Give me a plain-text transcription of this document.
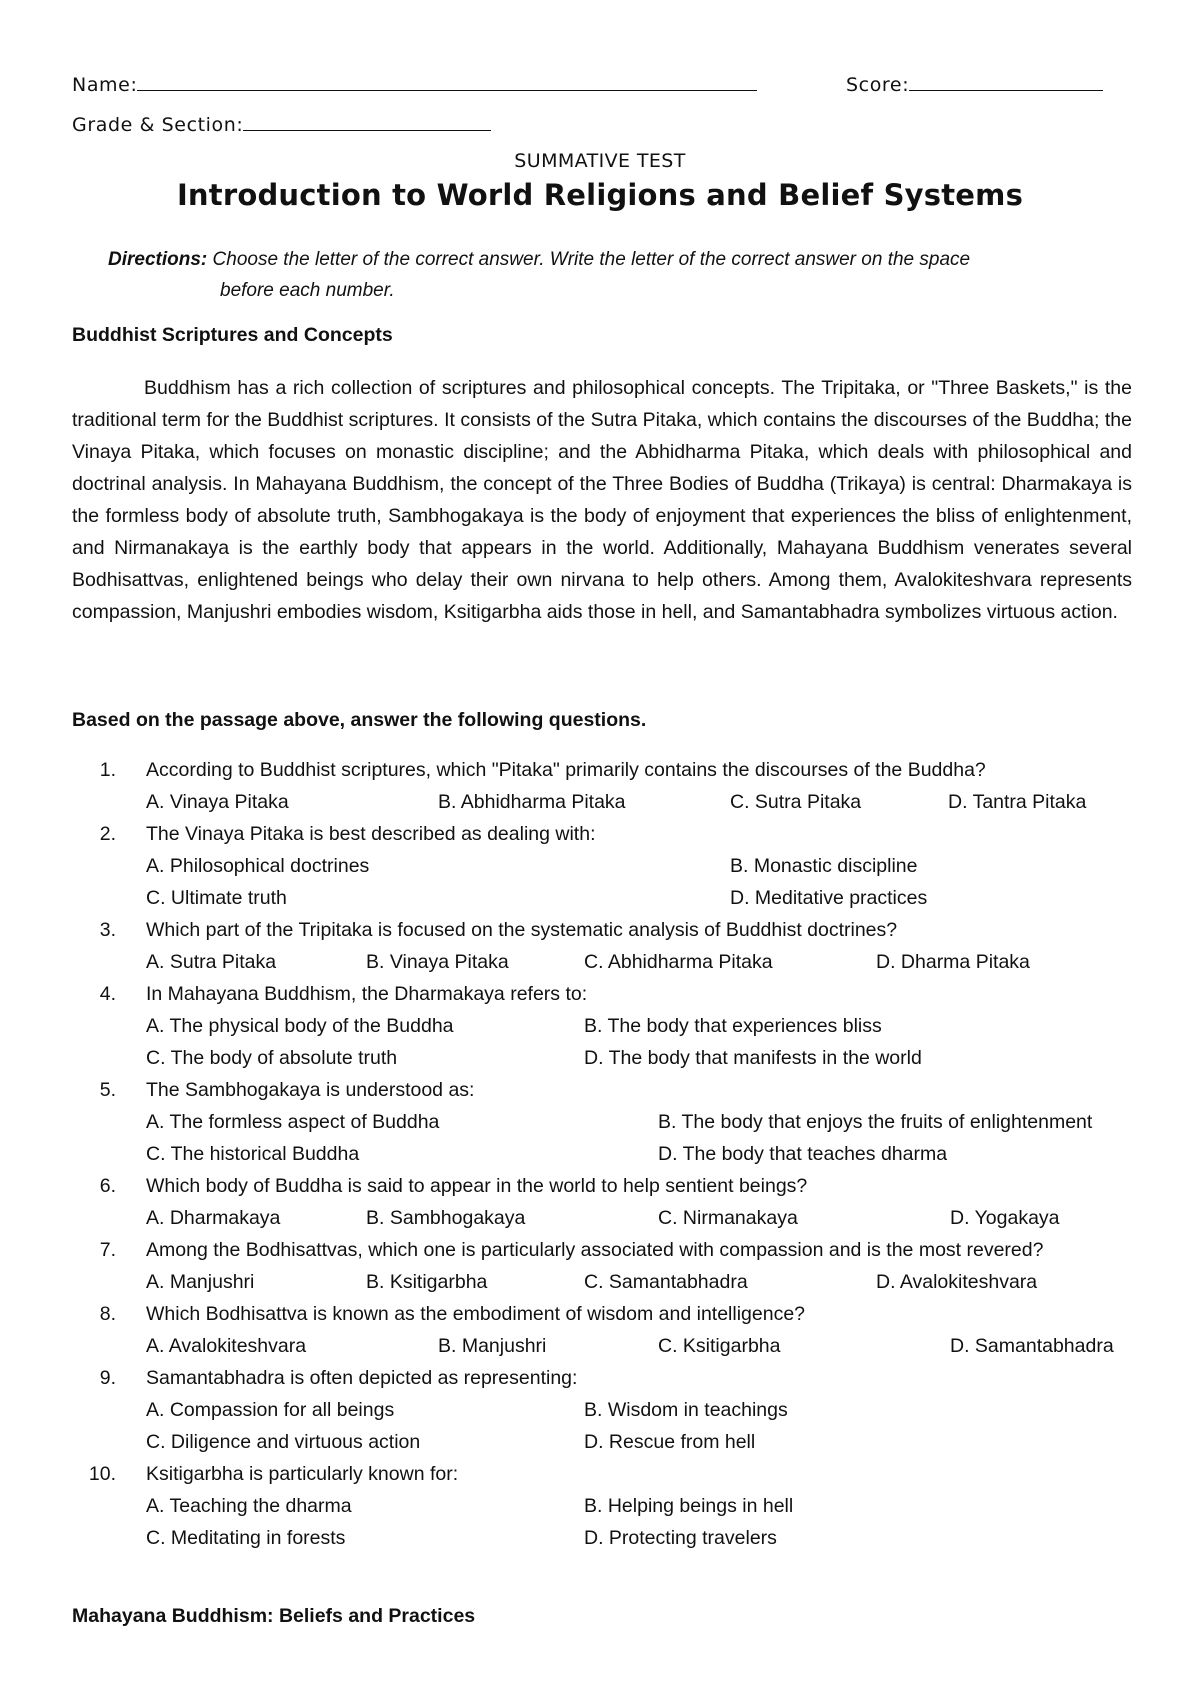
Name:	Score:
Grade & Section:
SUMMATIVE TEST
Introduction to World Religions and Belief Systems
Directions: Choose the letter of the correct answer. Write the letter of the correct answer on the space
before each number.
Buddhist Scriptures and Concepts
Buddhism has a rich collection of scriptures and philosophical concepts. The Tripitaka, or "Three Baskets," is the traditional term for the Buddhist scriptures. It consists of the Sutra Pitaka, which contains the discourses of the Buddha; the Vinaya Pitaka, which focuses on monastic discipline; and the Abhidharma Pitaka, which deals with philosophical and doctrinal analysis. In Mahayana Buddhism, the concept of the Three Bodies of Buddha (Trikaya) is central: Dharmakaya is the formless body of absolute truth, Sambhogakaya is the body of enjoyment that experiences the bliss of enlightenment, and Nirmanakaya is the earthly body that appears in the world. Additionally, Mahayana Buddhism venerates several Bodhisattvas, enlightened beings who delay their own nirvana to help others. Among them, Avalokiteshvara represents compassion, Manjushri embodies wisdom, Ksitigarbha aids those in hell, and Samantabhadra symbolizes virtuous action.
Based on the passage above, answer the following questions.
1.	According to Buddhist scriptures, which "Pitaka" primarily contains the discourses of the Buddha?
A. Vinaya Pitaka	B. Abhidharma Pitaka	C. Sutra Pitaka	D. Tantra Pitaka
2.	The Vinaya Pitaka is best described as dealing with:
A. Philosophical doctrines	B. Monastic discipline
C. Ultimate truth	D. Meditative practices
3.	Which part of the Tripitaka is focused on the systematic analysis of Buddhist doctrines?
A. Sutra Pitaka	B. Vinaya Pitaka	C. Abhidharma Pitaka	D. Dharma Pitaka
4.	In Mahayana Buddhism, the Dharmakaya refers to:
A. The physical body of the Buddha	B. The body that experiences bliss
C. The body of absolute truth	D. The body that manifests in the world
5.	The Sambhogakaya is understood as:
A. The formless aspect of Buddha	B. The body that enjoys the fruits of enlightenment
C. The historical Buddha	D. The body that teaches dharma
6.	Which body of Buddha is said to appear in the world to help sentient beings?
A. Dharmakaya	B. Sambhogakaya	C. Nirmanakaya	D. Yogakaya
7.	Among the Bodhisattvas, which one is particularly associated with compassion and is the most revered?
A. Manjushri	B. Ksitigarbha	C. Samantabhadra	D. Avalokiteshvara
8.	Which Bodhisattva is known as the embodiment of wisdom and intelligence?
A. Avalokiteshvara	B. Manjushri	C. Ksitigarbha	D. Samantabhadra
9.	Samantabhadra is often depicted as representing:
A. Compassion for all beings	B. Wisdom in teachings
C. Diligence and virtuous action	D. Rescue from hell
10.	Ksitigarbha is particularly known for:
A. Teaching the dharma	B. Helping beings in hell
C. Meditating in forests	D. Protecting travelers
Mahayana Buddhism: Beliefs and Practices
